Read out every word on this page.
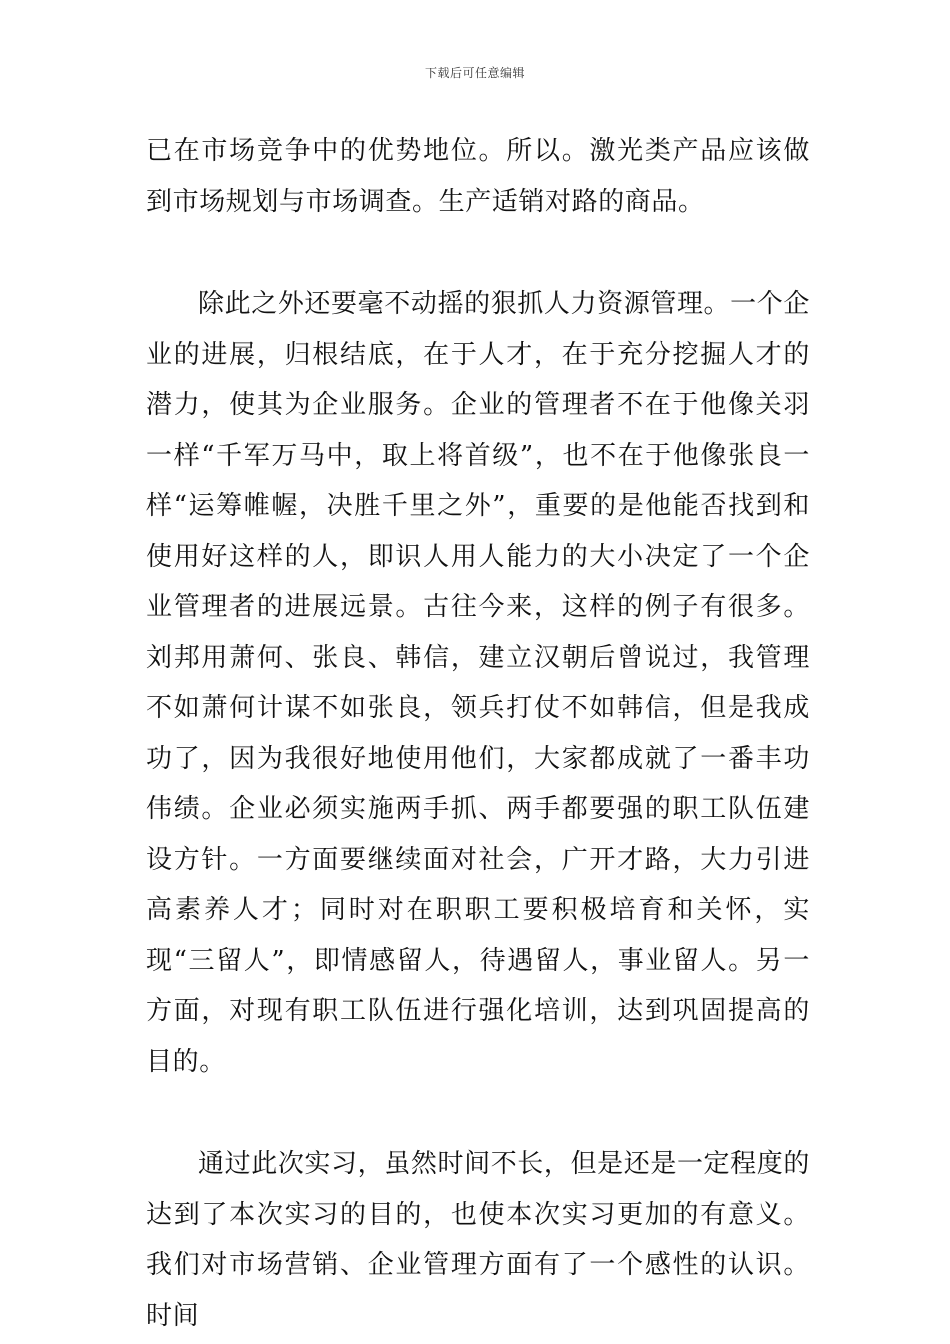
下载后可任意编辑

已在市场竞争中的优势地位。所以。激光类产品应该做到市场规划与市场调查。生产适销对路的商品。

除此之外还要毫不动摇的狠抓人力资源管理。一个企业的进展，归根结底，在于人才，在于充分挖掘人才的潜力，使其为企业服务。企业的管理者不在于他像关羽一样“千军万马中，取上将首级”，也不在于他像张良一样“运筹帷幄，决胜千里之外”，重要的是他能否找到和使用好这样的人，即识人用人能力的大小决定了一个企业管理者的进展远景。古往今来，这样的例子有很多。刘邦用萧何、张良、韩信，建立汉朝后曾说过，我管理不如萧何计谋不如张良，领兵打仗不如韩信，但是我成功了，因为我很好地使用他们，大家都成就了一番丰功伟绩。企业必须实施两手抓、两手都要强的职工队伍建设方针。一方面要继续面对社会，广开才路，大力引进高素养人才；同时对在职职工要积极培育和关怀，实现“三留人”，即情感留人，待遇留人，事业留人。另一方面，对现有职工队伍进行强化培训，达到巩固提高的目的。

通过此次实习，虽然时间不长，但是还是一定程度的达到了本次实习的目的，也使本次实习更加的有意义。我们对市场营销、企业管理方面有了一个感性的认识。时间
